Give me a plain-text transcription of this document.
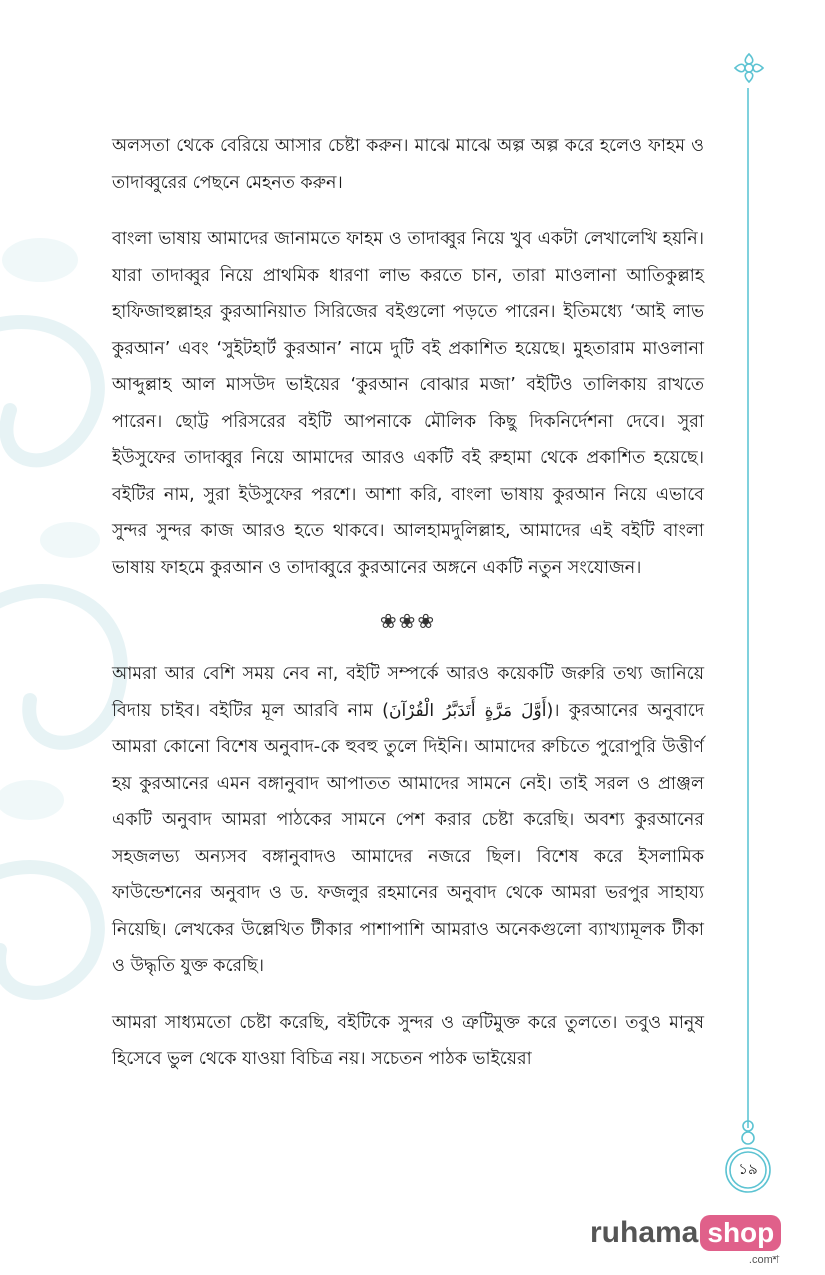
১৯

অলসতা থেকে বেরিয়ে আসার চেষ্টা করুন। মাঝে মাঝে অল্প অল্প করে হলেও ফাহম ও তাদাব্বুরের পেছনে মেহনত করুন।

বাংলা ভাষায় আমাদের জানামতে ফাহম ও তাদাব্বুর নিয়ে খুব একটা লেখালেখি হয়নি। যারা তাদাব্বুর নিয়ে প্রাথমিক ধারণা লাভ করতে চান, তারা মাওলানা আতিকুল্লাহ হাফিজাহুল্লাহর কুরআনিয়াত সিরিজের বইগুলো পড়তে পারেন। ইতিমধ্যে ‘আই লাভ কুরআন’ এবং ‘সুইটহার্ট কুরআন’ নামে দুটি বই প্রকাশিত হয়েছে। মুহতারাম মাওলানা আব্দুল্লাহ আল মাসউদ ভাইয়ের ‘কুরআন বোঝার মজা’ বইটিও তালিকায় রাখতে পারেন। ছোট্ট পরিসরের বইটি আপনাকে মৌলিক কিছু দিকনির্দেশনা দেবে। সুরা ইউসুফের তাদাব্বুর নিয়ে আমাদের আরও একটি বই রুহামা থেকে প্রকাশিত হয়েছে। বইটির নাম, সুরা ইউসুফের পরশে। আশা করি, বাংলা ভাষায় কুরআন নিয়ে এভাবে সুন্দর সুন্দর কাজ আরও হতে থাকবে। আলহামদুলিল্লাহ, আমাদের এই বইটি বাংলা ভাষায় ফাহমে কুরআন ও তাদাব্বুরে কুরআনের অঙ্গনে একটি নতুন সংযোজন।

❀❀❀

আমরা আর বেশি সময় নেব না, বইটি সম্পর্কে আরও কয়েকটি জরুরি তথ্য জানিয়ে বিদায় চাইব। বইটির মূল আরবি নাম (أَوَّلَ مَرَّةٍ أَتَدَبَّرُ الْقُرْآنَ)। কুরআনের অনুবাদে আমরা কোনো বিশেষ অনুবাদ-কে হুবহু তুলে দিইনি। আমাদের রুচিতে পুরোপুরি উত্তীর্ণ হয় কুরআনের এমন বঙ্গানুবাদ আপাতত আমাদের সামনে নেই। তাই সরল ও প্রাঞ্জল একটি অনুবাদ আমরা পাঠকের সামনে পেশ করার চেষ্টা করেছি। অবশ্য কুরআনের সহজলভ্য অন্যসব বঙ্গানুবাদও আমাদের নজরে ছিল। বিশেষ করে ইসলামিক ফাউন্ডেশনের অনুবাদ ও ড. ফজলুর রহমানের অনুবাদ থেকে আমরা ভরপুর সাহায্য নিয়েছি। লেখকের উল্লেখিত টীকার পাশাপাশি আমরাও অনেকগুলো ব্যাখ্যামূলক টীকা ও উদ্ধৃতি যুক্ত করেছি।

আমরা সাধ্যমতো চেষ্টা করেছি, বইটিকে সুন্দর ও ত্রুটিমুক্ত করে তুলতে। তবুও মানুষ হিসেবে ভুল থেকে যাওয়া বিচিত্র নয়। সচেতন পাঠক ভাইয়েরা

ruhama shop
.comশ
